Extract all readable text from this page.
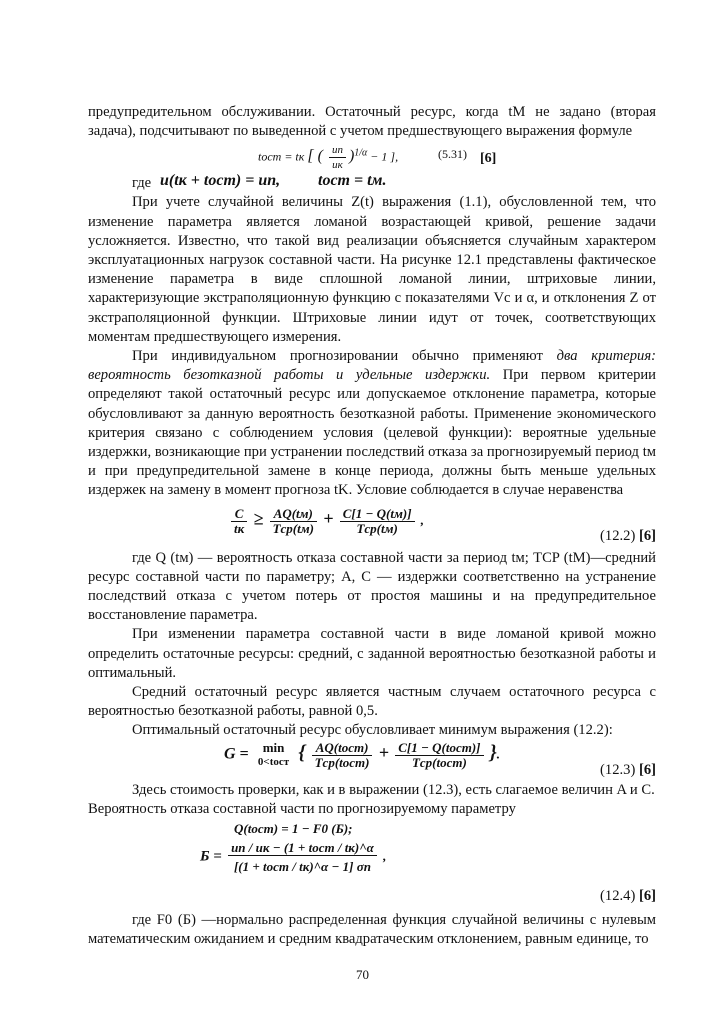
предупредительном обслуживании. Остаточный ресурс, когда tM не задано (вторая задача), подсчитывают по выведенной с учетом предшествующего выражения формуле

tост = tк [ ( $\frac{uп}{uк} )^{1/\alpha} - 1$ ],	(5.31) [6]
где u(tк + tост) = uп, tост = tм.

При учете случайной величины Z(t) выражения (1.1), обусловленной тем, что изменение параметра является ломаной возрастающей кривой, решение задачи усложняется. Известно, что такой вид реализации объясняется случайным характером эксплуатационных нагрузок составной части. На рисунке 12.1 представлены фактическое изменение параметра в виде сплошной ломаной линии, штриховые линии, характеризующие экстраполяционную функцию с показателями Vc и α, и отклонения Z от экстраполяционной функции. Штриховые линии идут от точек, соответствующих моментам предшествующего измерения.

При индивидуальном прогнозировании обычно применяют два критерия: вероятность безотказной работы и удельные издержки. При первом критерии определяют такой остаточный ресурс или допускаемое отклонение параметра, которые обусловливают за данную вероятность безотказной работы. Применение экономического критерия связано с соблюдением условия (целевой функции): вероятные удельные издержки, возникающие при устранении последствий отказа за прогнозируемый период tм и при предупредительной замене в конце периода, должны быть меньше удельных издержек на замену в момент прогноза tK. Условие соблюдается в случае неравенства

$\frac{C}{tк} \ge \frac{AQ(tм)}{\text{Tср(tм)}} + \frac{C[1 - Q(tм)]}{\text{Tср(tм)}}$ ,
(12.2) [6]

где Q (tм) — вероятность отказа составной части за период tм; TCP (tM)—средний ресурс составной части по параметру; A, C — издержки соответственно на устранение последствий отказа с учетом потерь от простоя машины и на предупредительное восстановление параметра.

При изменении параметра составной части в виде ломаной кривой можно определить остаточные ресурсы: средний, с заданной вероятностью безотказной работы и оптимальный.

Средний остаточный ресурс является частным случаем остаточного ресурса с вероятностью безотказной работы, равной 0,5.

Оптимальный остаточный ресурс обусловливает минимум выражения (12.2):

G =	min
0<tост { $\frac{\text{AQ(tост)}}{\text{Tср(tост)}} + \frac{\text{C[1 − Q(tост)]}}{\text{Tср(tост)}}$ }.
(12.3) [6]

Здесь стоимость проверки, как и в выражении (12.3), есть слагаемое величин A и C.

Вероятность отказа составной части по прогнозируемому параметру

Q(tост) = 1 − F0 (Б);
$Б = \frac{\text{uп / uк − (1 + tост / tк)\textasciicircum{}α}}{\text{[(1 + tост / tк)\textasciicircum{}α − 1] σп}}$ ,
(12.4) [6]

где F0 (Б) —нормально распределенная функция случайной величины с нулевым математическим ожиданием и средним квадратаческим отклонением, равным единице, то

70
